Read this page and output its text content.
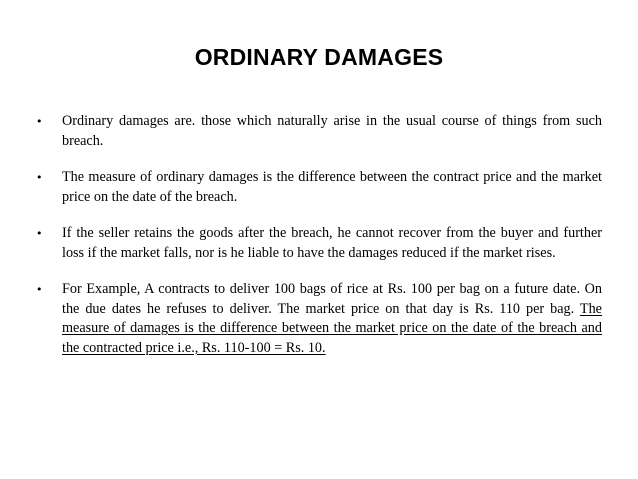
ORDINARY DAMAGES
• Ordinary damages are. those which naturally arise in the usual course of things from such breach.
• The measure of ordinary damages is the difference between the contract price and the market price on the date of the breach.
• If the seller retains the goods after the breach, he cannot recover from the buyer and further loss if the market falls, nor is he liable to have the damages reduced if the market rises.
• For Example, A contracts to deliver 100 bags of rice at Rs. 100 per bag on a future date. On the due dates he refuses to deliver. The market price on that day is Rs. 110 per bag. The measure of damages is the difference between the market price on the date of the breach and the contracted price i.e., Rs. 110-100 = Rs. 10.
